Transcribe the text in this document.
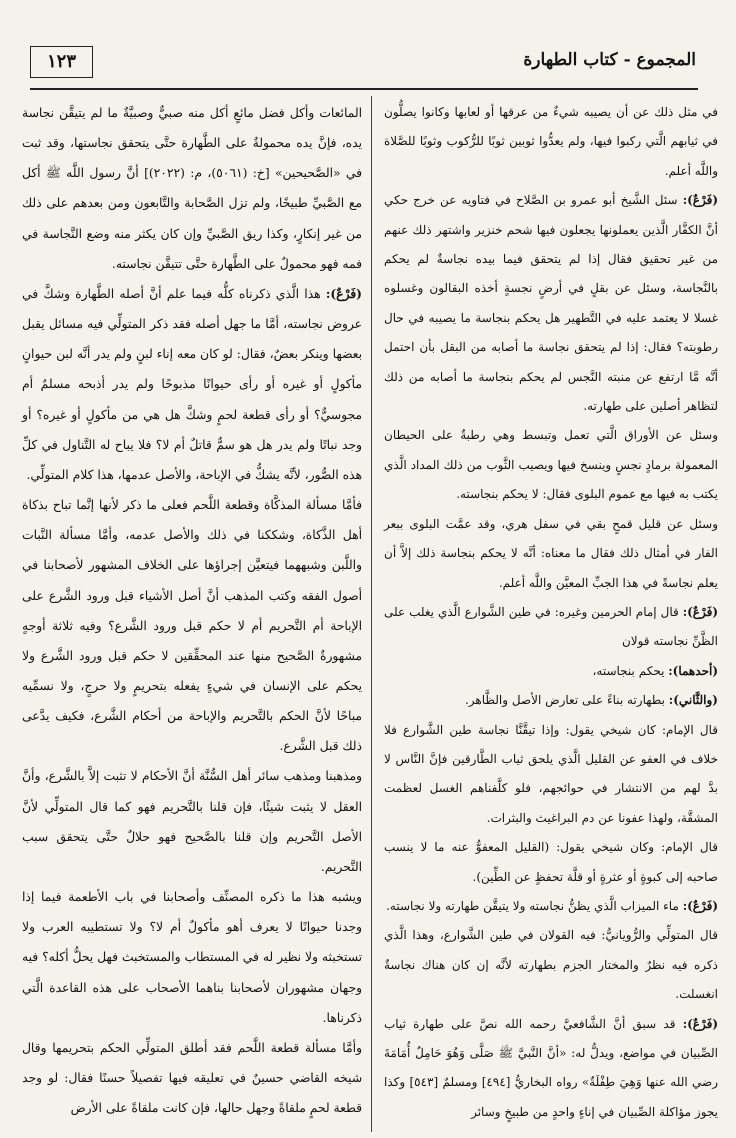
المجموع - كتاب الطهارة
١٢٣

في مثل ذلك عن أن يصيبه شيءٌ من عرقها أو لعابها وكانوا يصلُّون في ثيابهم الَّتي ركبوا فيها، ولم يعدُّوا ثوبين ثوبًا للرُّكوب وثوبًا للصَّلاة واللَّه أعلم.

(فَرْعٌ): سئل الشَّيخ أبو عمرو بن الصَّلاح في فتاويه عن خرج حكي أنَّ الكفَّار الَّذين يعملونها يجعلون فيها شحم خنزير واشتهر ذلك عنهم من غير تحقيق فقال إذا لم يتحقق فيما بيده نجاسةٌ لم يحكم بالنَّجاسة، وسئل عن بقلٍ في أرضٍ نجسةٍ أخذه البقالون وغسلوه غسلا لا يعتمد عليه في التَّطهير هل يحكم بنجاسة ما يصيبه في حال رطوبته؟ فقال: إذا لم يتحقق نجاسة ما أصابه من البقل بأن احتمل أنَّه مَّا ارتفع عن منبته النَّجس لم يحكم بنجاسة ما أصابه من ذلك لتظاهر أصلين على طهارته.

وسئل عن الأوراق الَّتي تعمل وتبسط وهي رطبةٌ على الحيطان المعمولة برمادٍ نجسٍ وينسخ فيها ويصيب الثَّوب من ذلك المداد الَّذي يكتب به فيها مع عموم البلوى فقال: لا يحكم بنجاسته.

وسئل عن قليل قمحٍ بقي في سفل هري، وقد عمَّت البلوى ببعر الفار في أمثال ذلك فقال ما معناه: أنَّه لا يحكم بنجاسة ذلك إلاَّ أن يعلم نجاسةً في هذا الجبِّ المعيَّن واللَّه أعلم.

(فَرْعٌ): قال إمام الحرمين وغيره: في طين الشَّوارع الَّذي يغلب على الظَّنِّ نجاسته قولان

(أحدهما): يحكم بنجاسته،

(والثَّاني): بطهارته بناءً على تعارض الأصل والظَّاهر.

قال الإمام: كان شيخي يقول: وإذا تيقَّنَّا نجاسة طين الشَّوارع فلا خلاف في العفو عن القليل الَّذي يلحق ثياب الطَّارقين فإنَّ النَّاس لا بدَّ لهم من الانتشار في حوائجهم، فلو كلَّفناهم الغسل لعظمت المشقَّة، ولهذا عفونا عن دم البراغيث والبثرات.

قال الإمام: وكان شيخي يقول: (القليل المعفوُّ عنه ما لا ينسب صاحبه إلى كبوةٍ أو عثرةٍ أو قلَّة تحفظٍ عن الطِّين).

(فَرْعٌ): ماء الميزاب الَّذي يظنُّ نجاسته ولا يتيقَّن طهارته ولا نجاسته.

قال المتولِّي والرُّويانيُّ: فيه القولان في طين الشَّوارع، وهذا الَّذي ذكره فيه نظرٌ والمختار الجزم بطهارته لأنَّه إن كان هناك نجاسةٌ انغسلت.

(فَرْعٌ): قد سبق أنَّ الشَّافعيَّ رحمه الله نصَّ على طهارة ثياب الصِّبيان في مواضع، ويدلُّ له: «أنَّ النَّبيَّ ﷺ صَلَّى وَهُوَ حَامِلٌ أُمَامَةَ رضي الله عنها وَهِيَ طِفْلَةٌ» رواه البخاريُّ [٤٩٤] ومسلمٌ [٥٤٣] وكذا يجوز مؤاكلة الصِّبيان في إناءٍ واحدٍ من طبيخٍ وسائر

المائعات وأكل فضل مائعٍ أكل منه صبيٌّ وصبيَّةٌ ما لم يتيقَّن نجاسة يده، فإنَّ يده محمولةٌ على الطَّهارة حتَّى يتحقق نجاستها، وقد ثبت في «الصَّحيحين» [خ: (٥٠٦١)، م: (٢٠٢٢)] أنَّ رسول اللَّه ﷺ أكل مع الصَّبيِّ طبيخًا، ولم تزل الصَّحابة والتَّابعون ومن بعدهم على ذلك من غير إنكارٍ، وكذا ريق الصَّبيِّ وإن كان يكثر منه وضع النَّجاسة في فمه فهو محمولٌ على الطَّهارة حتَّى تتيقَّن نجاسته.

(فَرْعٌ): هذا الَّذي ذكرناه كلُّه فيما علم أنَّ أصله الطَّهارة وشكَّ في عروض نجاسته، أمَّا ما جهل أصله فقد ذكر المتولِّي فيه مسائل يقبل بعضها وينكر بعضٌ، فقال: لو كان معه إناء لبنٍ ولم يدر أنَّه لبن حيوانٍ مأكولٍ أو غيره أو رأى حيوانًا مذبوحًا ولم يدر أذبحه مسلمٌ أم مجوسيٌّ؟ أو رأى قطعة لحمٍ وشكَّ هل هي من مأكولٍ أو غيره؟ أو وجد نباتًا ولم يدر هل هو سمٌّ قاتلٌ أم لا؟ فلا يباح له التَّناول في كلِّ هذه الصُّور، لأنَّه يشكُّ في الإباحة، والأصل عدمها، هذا كلام المتولِّي.

فأمَّا مسألة المذكَّاة وقطعة اللَّحم فعلى ما ذكر لأنها إنَّما تباح بذكاة أهل الذَّكاة، وشككنا في ذلك والأصل عدمه، وأمَّا مسألة النَّبات واللَّبن وشبههما فيتعيَّن إجراؤها على الخلاف المشهور لأصحابنا في أصول الفقه وكتب المذهب أنَّ أصل الأشياء قبل ورود الشَّرع على الإباحة أم التَّحريم أم لا حكم قبل ورود الشَّرع؟ وفيه ثلاثة أوجهٍ مشهورةٌ الصَّحيح منها عند المحقِّقين لا حكم قبل ورود الشَّرع ولا يحكم على الإنسان في شيءٍ يفعله بتحريمٍ ولا حرجٍ، ولا نسمِّيه مباحًا لأنَّ الحكم بالتَّحريم والإباحة من أحكام الشَّرع، فكيف يدَّعى ذلك قبل الشَّرع.

ومذهبنا ومذهب سائر أهل السُّنَّة أنَّ الأحكام لا تثبت إلاَّ بالشَّرع، وأنَّ العقل لا يثبت شيئًا، فإن قلنا بالتَّحريم فهو كما قال المتولِّي لأنَّ الأصل التَّحريم وإن قلنا بالصَّحيح فهو حلالٌ حتَّى يتحقق سبب التَّحريم.

ويشبه هذا ما ذكره المصنِّف وأصحابنا في باب الأطعمة فيما إذا وجدنا حيوانًا لا يعرف أهو مأكولٌ أم لا؟ ولا تستطيبه العرب ولا تستخبثه ولا نظير له في المستطاب والمستخبث فهل يحلُّ أكله؟ فيه وجهان مشهوران لأصحابنا بناهما الأصحاب على هذه القاعدة الَّتي ذكرناها.

وأمَّا مسألة قطعة اللَّحم فقد أطلق المتولِّي الحكم بتحريمها وقال شيخه القاضي حسينٌ في تعليقه فيها تفصيلاً حسنًا فقال: لو وجد قطعة لحمٍ ملقاةً وجهل حالها، فإن كانت ملقاةً على الأرض
